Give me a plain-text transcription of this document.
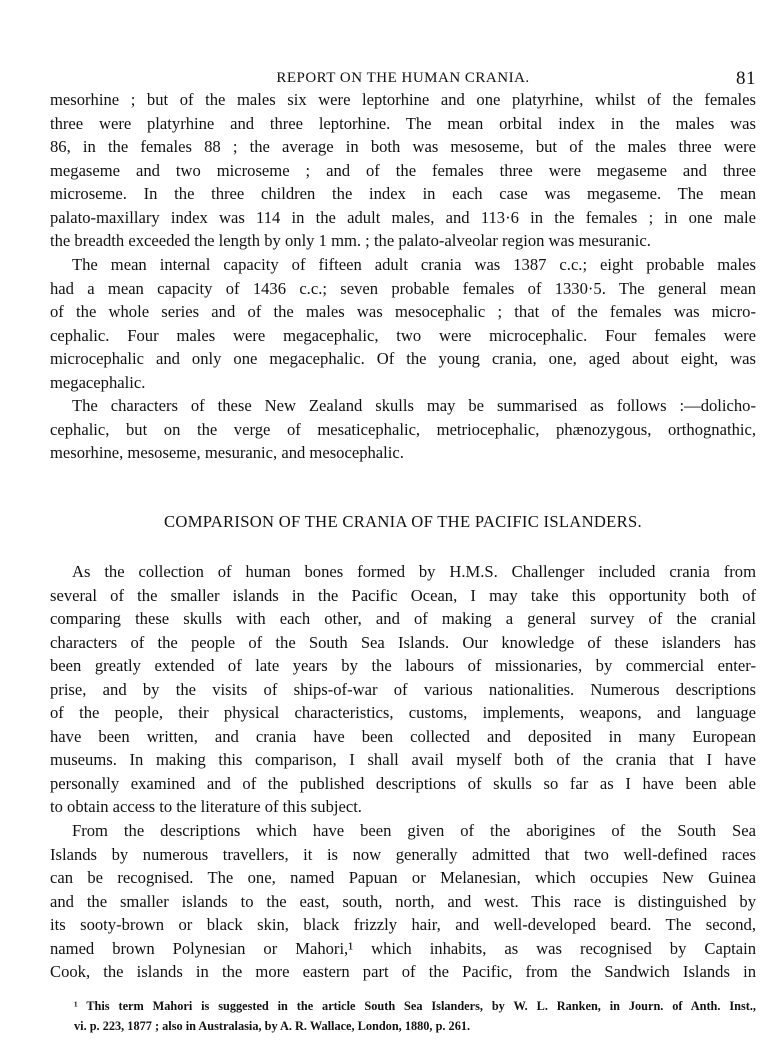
REPORT ON THE HUMAN CRANIA.	81
mesorhine ; but of the males six were leptorhine and one platyrhine, whilst of the females
three were platyrhine and three leptorhine. The mean orbital index in the males was
86, in the females 88 ; the average in both was mesoseme, but of the males three were
megaseme and two microseme ; and of the females three were megaseme and three
microseme. In the three children the index in each case was megaseme. The mean
palato-maxillary index was 114 in the adult males, and 113·6 in the females ; in one male
the breadth exceeded the length by only 1 mm. ; the palato-alveolar region was mesuranic.
The mean internal capacity of fifteen adult crania was 1387 c.c.; eight probable males
had a mean capacity of 1436 c.c.; seven probable females of 1330·5. The general mean
of the whole series and of the males was mesocephalic ; that of the females was micro-
cephalic. Four males were megacephalic, two were microcephalic. Four females were
microcephalic and only one megacephalic. Of the young crania, one, aged about eight, was
megacephalic.
The characters of these New Zealand skulls may be summarised as follows :—dolicho-
cephalic, but on the verge of mesaticephalic, metriocephalic, phænozygous, orthognathic,
mesorhine, mesoseme, mesuranic, and mesocephalic.
COMPARISON OF THE CRANIA OF THE PACIFIC ISLANDERS.
As the collection of human bones formed by H.M.S. Challenger included crania from
several of the smaller islands in the Pacific Ocean, I may take this opportunity both of
comparing these skulls with each other, and of making a general survey of the cranial
characters of the people of the South Sea Islands. Our knowledge of these islanders has
been greatly extended of late years by the labours of missionaries, by commercial enter-
prise, and by the visits of ships-of-war of various nationalities. Numerous descriptions
of the people, their physical characteristics, customs, implements, weapons, and language
have been written, and crania have been collected and deposited in many European
museums. In making this comparison, I shall avail myself both of the crania that I have
personally examined and of the published descriptions of skulls so far as I have been able
to obtain access to the literature of this subject.
From the descriptions which have been given of the aborigines of the South Sea
Islands by numerous travellers, it is now generally admitted that two well-defined races
can be recognised. The one, named Papuan or Melanesian, which occupies New Guinea
and the smaller islands to the east, south, north, and west. This race is distinguished by
its sooty-brown or black skin, black frizzly hair, and well-developed beard. The second,
named brown Polynesian or Mahori,¹ which inhabits, as was recognised by Captain
Cook, the islands in the more eastern part of the Pacific, from the Sandwich Islands in
¹ This term Mahori is suggested in the article South Sea Islanders, by W. L. Ranken, in Journ. of Anth. Inst.,
vi. p. 223, 1877 ; also in Australasia, by A. R. Wallace, London, 1880, p. 261.
